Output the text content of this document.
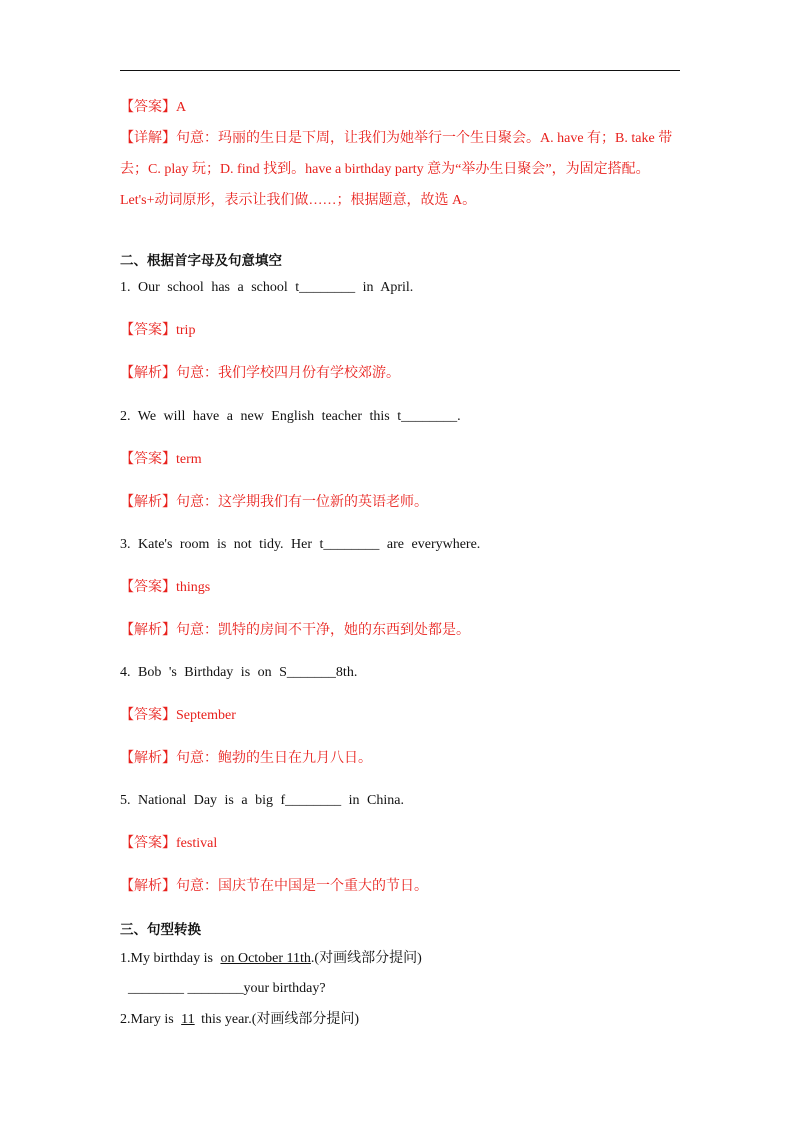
【答案】A
【详解】句意：玛丽的生日是下周，让我们为她举行一个生日聚会。A. have 有；B. take 带
去；C. play 玩；D. find 找到。have a birthday party 意为“举办生日聚会”，为固定搭配。
Let's+动词原形，表示让我们做……；根据题意，故选 A。
二、根据首字母及句意填空
1. Our school has a school t________ in April.
【答案】trip
【解析】句意：我们学校四月份有学校郊游。
2. We will have a new English teacher this t________.
【答案】term
【解析】句意：这学期我们有一位新的英语老师。
3. Kate's room is not tidy. Her t________ are everywhere.
【答案】things
【解析】句意：凯特的房间不干净，她的东西到处都是。
4. Bob 's Birthday is on S_______8th.
【答案】September
【解析】句意：鲍勃的生日在九月八日。
5. National Day is a big f________ in China.
【答案】festival
【解析】句意：国庆节在中国是一个重大的节日。
三、句型转换
1.My birthday is on October 11th.(对画线部分提问)
________ ________your birthday?
2.Mary is 11 this year.(对画线部分提问)
